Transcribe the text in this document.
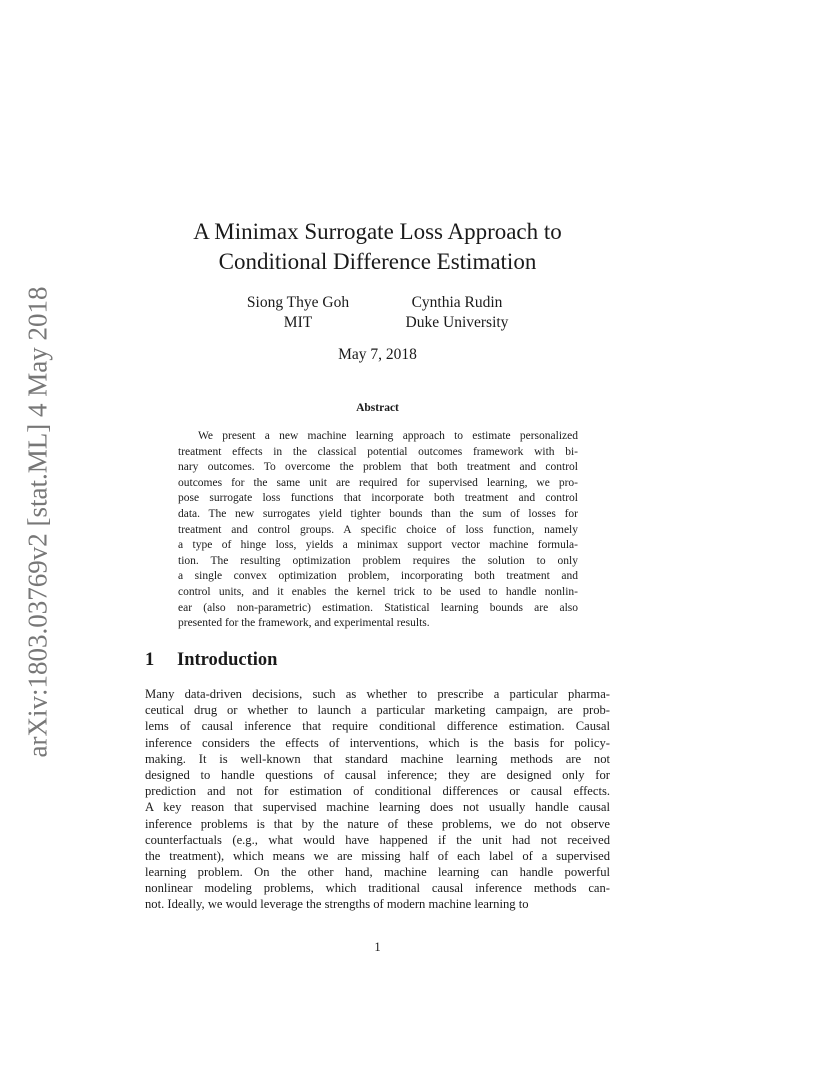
arXiv:1803.03769v2 [stat.ML] 4 May 2018
A Minimax Surrogate Loss Approach to
Conditional Difference Estimation
Siong Thye Goh
MIT
Cynthia Rudin
Duke University
May 7, 2018
Abstract
We present a new machine learning approach to estimate personalized
treatment effects in the classical potential outcomes framework with bi-
nary outcomes. To overcome the problem that both treatment and control
outcomes for the same unit are required for supervised learning, we pro-
pose surrogate loss functions that incorporate both treatment and control
data. The new surrogates yield tighter bounds than the sum of losses for
treatment and control groups. A specific choice of loss function, namely
a type of hinge loss, yields a minimax support vector machine formula-
tion. The resulting optimization problem requires the solution to only
a single convex optimization problem, incorporating both treatment and
control units, and it enables the kernel trick to be used to handle nonlin-
ear (also non-parametric) estimation. Statistical learning bounds are also
presented for the framework, and experimental results.
1 Introduction
Many data-driven decisions, such as whether to prescribe a particular pharma-
ceutical drug or whether to launch a particular marketing campaign, are prob-
lems of causal inference that require conditional difference estimation. Causal
inference considers the effects of interventions, which is the basis for policy-
making. It is well-known that standard machine learning methods are not
designed to handle questions of causal inference; they are designed only for
prediction and not for estimation of conditional differences or causal effects.
A key reason that supervised machine learning does not usually handle causal
inference problems is that by the nature of these problems, we do not observe
counterfactuals (e.g., what would have happened if the unit had not received
the treatment), which means we are missing half of each label of a supervised
learning problem. On the other hand, machine learning can handle powerful
nonlinear modeling problems, which traditional causal inference methods can-
not. Ideally, we would leverage the strengths of modern machine learning to
1
